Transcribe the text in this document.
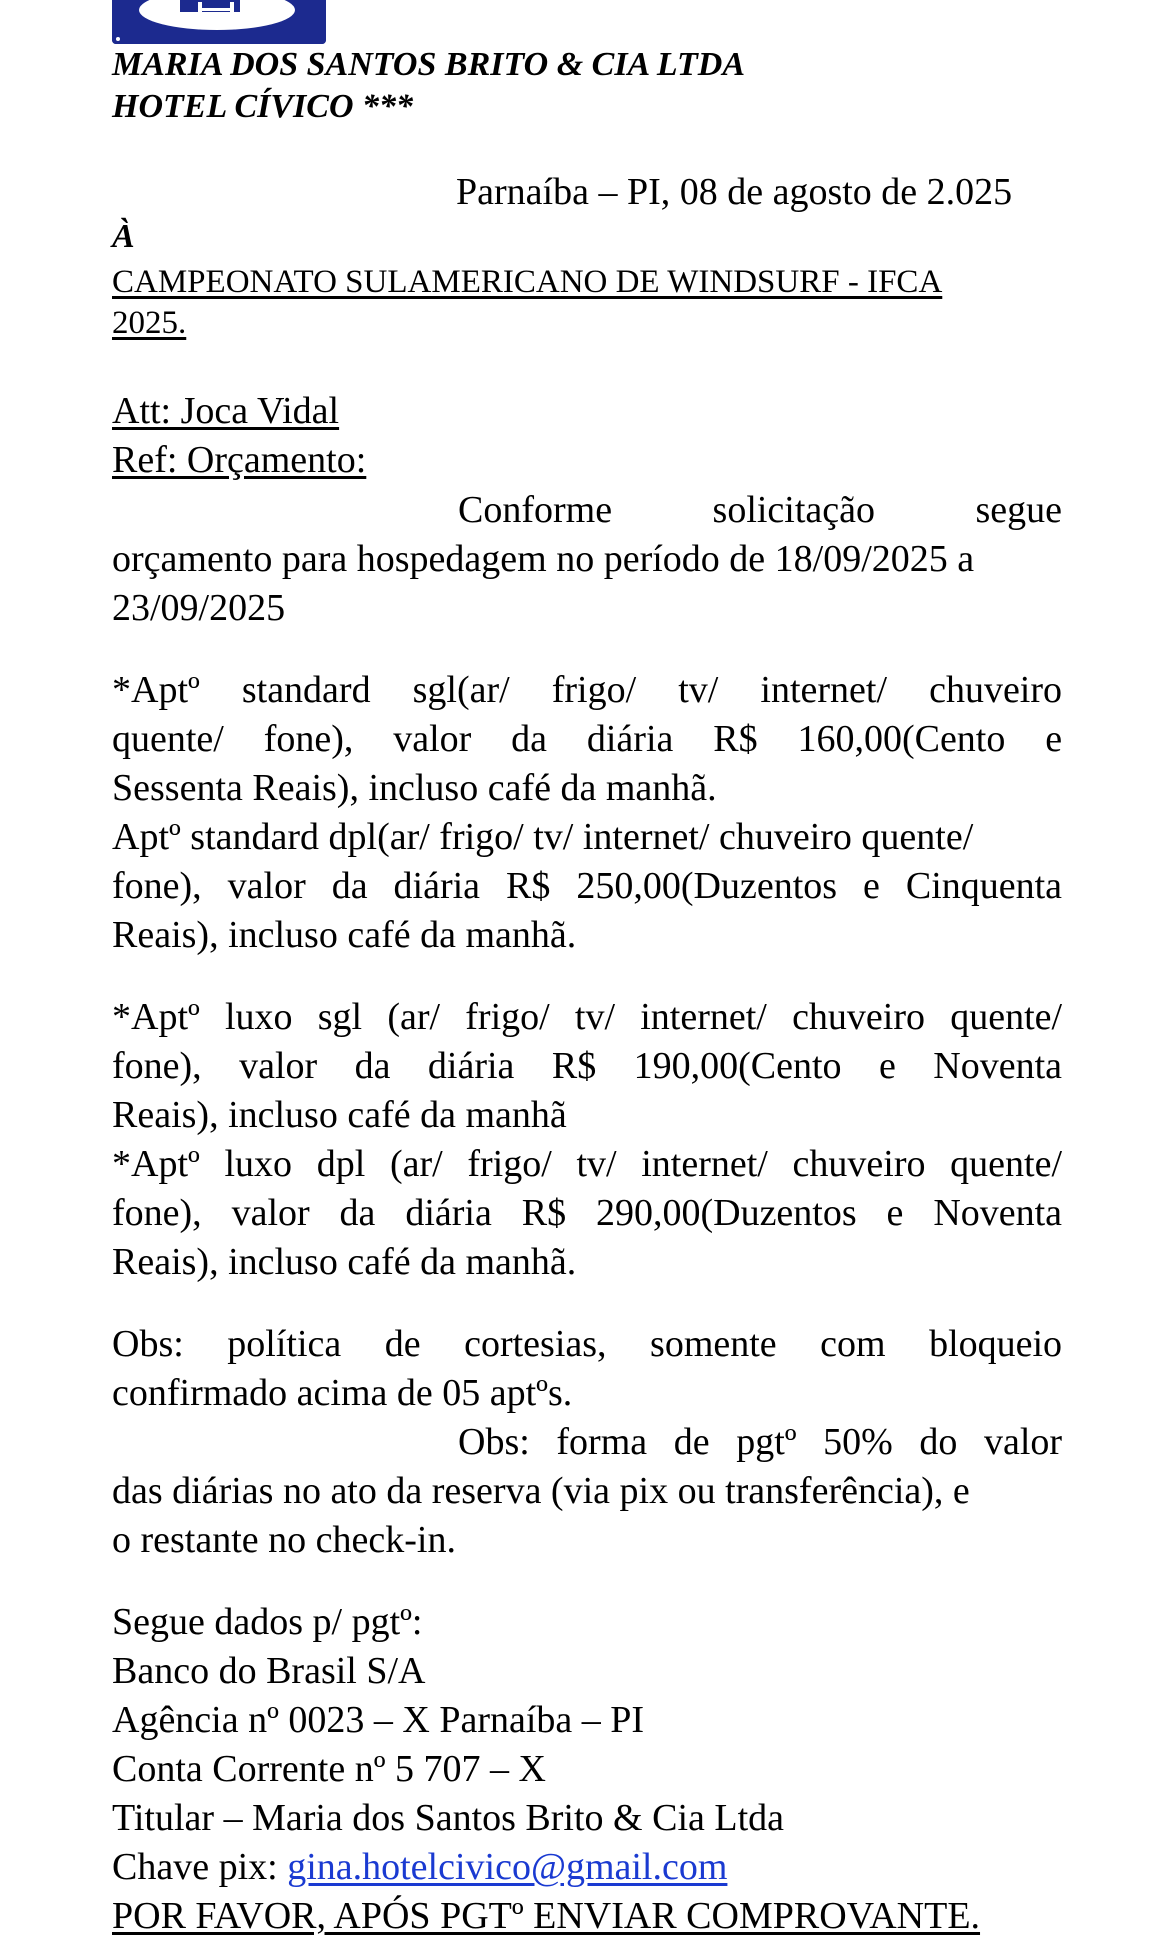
MARIA DOS SANTOS BRITO & CIA LTDA
HOTEL CÍVICO ***
Parnaíba – PI, 08 de agosto de 2.025
À
CAMPEONATO SULAMERICANO DE WINDSURF - IFCA
2025.
Att: Joca Vidal
Ref: Orçamento:
Conforme	solicitação	segue
orçamento para hospedagem no período de 18/09/2025 a
23/09/2025
*Aptº standard sgl(ar/ frigo/ tv/ internet/ chuveiro
quente/ fone), valor da diária R$ 160,00(Cento e
Sessenta Reais), incluso café da manhã.
Aptº standard dpl(ar/ frigo/ tv/ internet/ chuveiro quente/
fone), valor da diária R$ 250,00(Duzentos e Cinquenta
Reais), incluso café da manhã.
*Aptº luxo sgl (ar/ frigo/ tv/ internet/ chuveiro quente/
fone), valor da diária R$ 190,00(Cento e Noventa
Reais), incluso café da manhã
*Aptº luxo dpl (ar/ frigo/ tv/ internet/ chuveiro quente/
fone), valor da diária R$ 290,00(Duzentos e Noventa
Reais), incluso café da manhã.
Obs: política de cortesias, somente com bloqueio
confirmado acima de 05 aptºs.
Obs: forma de pgtº 50% do valor
das diárias no ato da reserva (via pix ou transferência), e
o restante no check-in.
Segue dados p/ pgtº:
Banco do Brasil S/A
Agência nº 0023 – X Parnaíba – PI
Conta Corrente nº 5 707 – X
Titular – Maria dos Santos Brito & Cia Ltda
Chave pix: gina.hotelcivico@gmail.com
POR FAVOR, APÓS PGTº ENVIAR COMPROVANTE.
